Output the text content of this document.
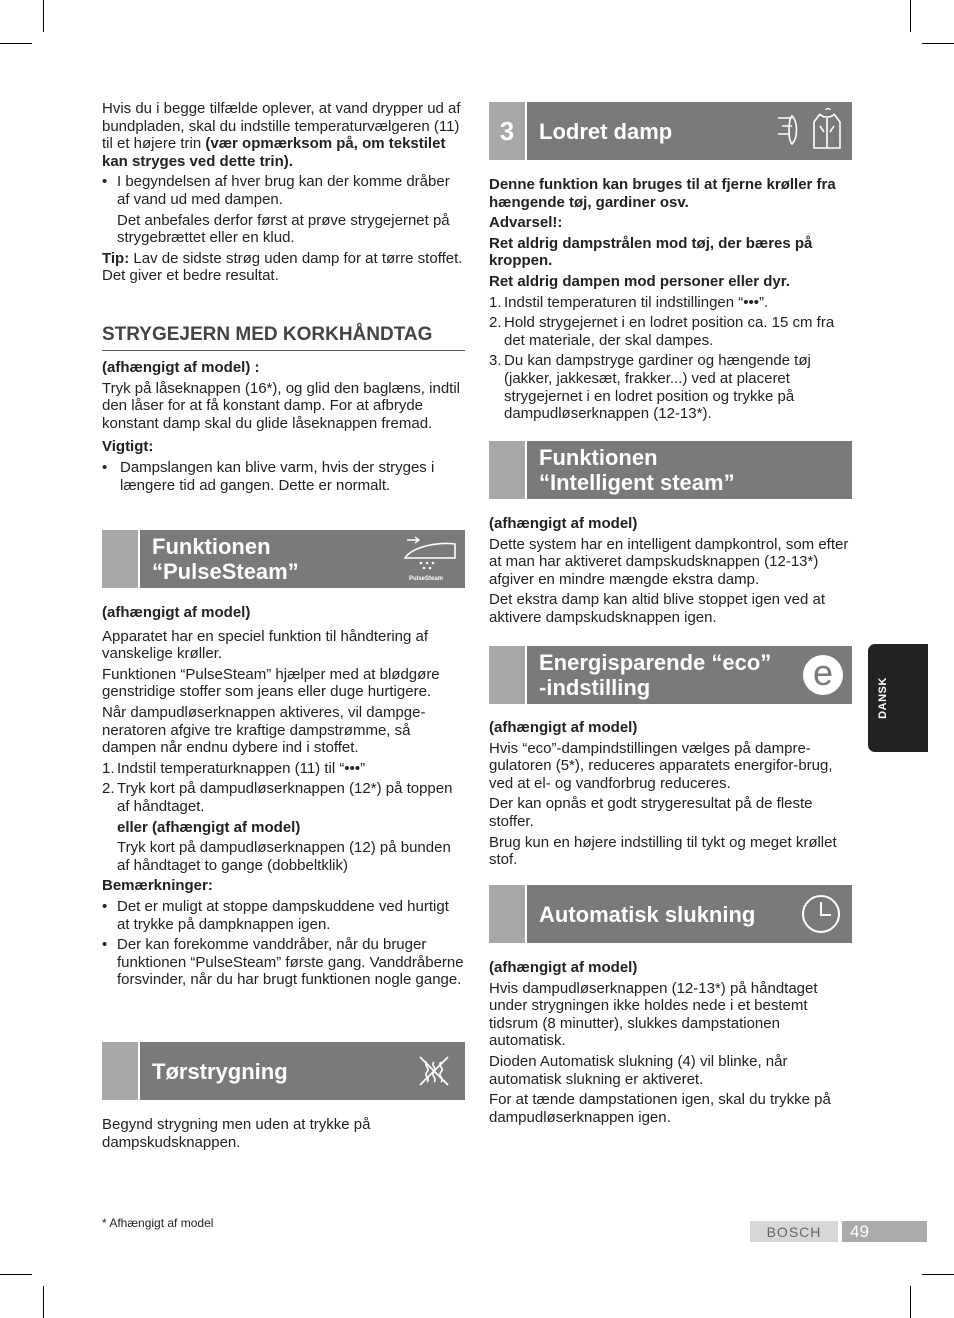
Hvis du i begge tilfælde oplever, at vand drypper ud af bundpladen, skal du indstille temperaturvælgeren (11) til et højere trin (vær opmærksom på, om tekstilet kan stryges ved dette trin).

• I begyndelsen af hver brug kan der komme dråber af vand ud med dampen.
Det anbefales derfor først at prøve strygejernet på strygebrættet eller en klud.

Tip: Lav de sidste strøg uden damp for at tørre stoffet. Det giver et bedre resultat.

STRYGEJERN MED KORKHÅNDTAG

(afhængigt af model) :

Tryk på låseknappen (16*), og glid den baglæns, indtil den låser for at få konstant damp. For at afbryde konstant damp skal du glide låseknappen fremad.

Vigtigt:

• Dampslangen kan blive varm, hvis der stryges i længere tid ad gangen. Dette er normalt.
Funktionen
“PulseSteam”	PulseSteam

(afhængigt af model)

Apparatet har en speciel funktion til håndtering af vanskelige krøller.

Funktionen “PulseSteam” hjælper med at blødgøre genstridige stoffer som jeans eller duge hurtigere.

Når dampudløserknappen aktiveres, vil dampge-neratoren afgive tre kraftige dampstrømme, så dampen når endnu dybere ind i stoffet.

1. Indstil temperaturknappen (11) til “•••”
2. Tryk kort på dampudløserknappen (12*) på toppen af håndtaget.
eller (afhængigt af model)
Tryk kort på dampudløserknappen (12) på bunden af håndtaget to gange (dobbeltklik)

Bemærkninger:

• Det er muligt at stoppe dampskuddene ved hurtigt at trykke på dampknappen igen.
• Der kan forekomme vanddråber, når du bruger funktionen “PulseSteam” første gang. Vanddråberne forsvinder, når du har brugt funktionen nogle gange.
Tørstrygning

Begynd strygning men uden at trykke på dampskudsknappen.

* Afhængigt af model
3	Lodret damp

Denne funktion kan bruges til at fjerne krøller fra hængende tøj, gardiner osv.

Advarsel!:

Ret aldrig dampstrålen mod tøj, der bæres på kroppen.

Ret aldrig dampen mod personer eller dyr.

1. Indstil temperaturen til indstillingen “•••”.
2. Hold strygejernet i en lodret position ca. 15 cm fra det materiale, der skal dampes.
3. Du kan dampstryge gardiner og hængende tøj (jakker, jakkesæt, frakker...) ved at placeret strygejernet i en lodret position og trykke på dampudløserknappen (12-13*).
Funktionen
“Intelligent steam”

(afhængigt af model)

Dette system har en intelligent dampkontrol, som efter at man har aktiveret dampskudsknappen (12-13*) afgiver en mindre mængde ekstra damp.

Det ekstra damp kan altid blive stoppet igen ved at aktivere dampskudsknappen igen.

Energisparende “eco”
-indstilling	e

(afhængigt af model)

Hvis “eco”-dampindstillingen vælges på dampre-gulatoren (5*), reduceres apparatets energifor-brug, ved at el- og vandforbrug reduceres.

Der kan opnås et godt strygeresultat på de fleste stoffer.

Brug kun en højere indstilling til tykt og meget krøllet stof.

Automatisk slukning

(afhængigt af model)

Hvis dampudløserknappen (12-13*) på håndtaget under strygningen ikke holdes nede i et bestemt tidsrum (8 minutter), slukkes dampstationen automatisk.

Dioden Automatisk slukning (4) vil blinke, når automatisk slukning er aktiveret.

For at tænde dampstationen igen, skal du trykke på dampudløserknappen igen.

DANSK
BOSCH	49
